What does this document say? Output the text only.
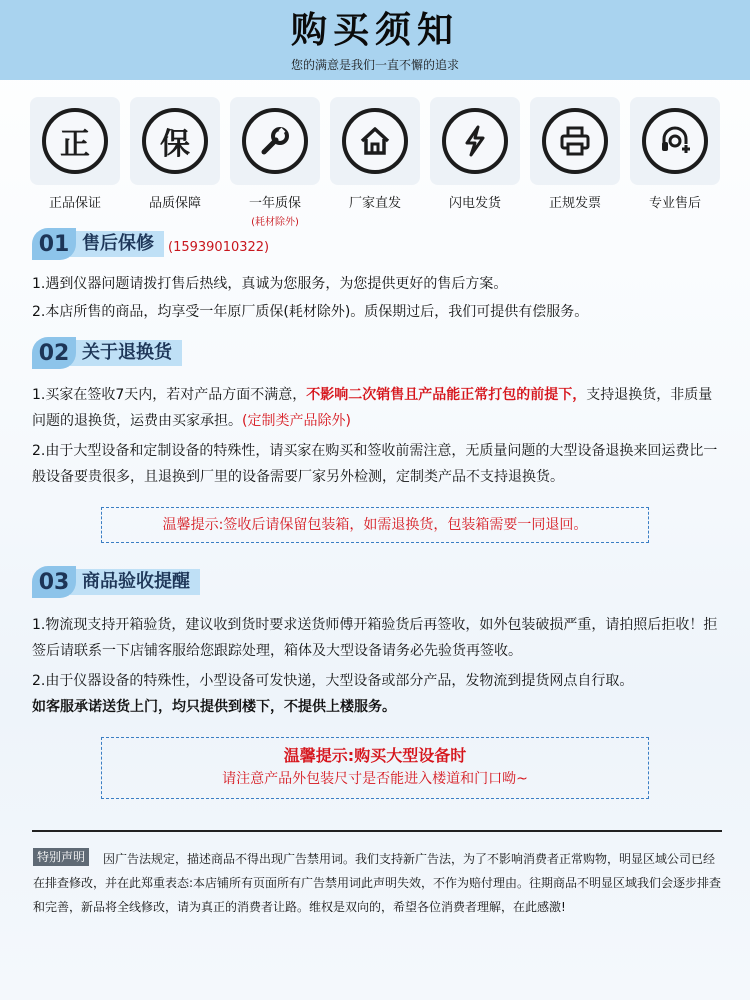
购买须知
您的满意是我们一直不懈的追求
正
正品保证
保
品质保障	一年质保
(耗材除外)
厂家直发	闪电发货	正规发票	专业售后
01 售后保修	(15939010322)
1.遇到仪器问题请拨打售后热线，真诚为您服务，为您提供更好的售后方案。
2.本店所售的商品，均享受一年原厂质保(耗材除外)。质保期过后，我们可提供有偿服务。
02 关于退换货
1.买家在签收7天内，若对产品方面不满意，不影响二次销售且产品能正常打包的前提下，支持退换货，非质量问题的退换货，运费由买家承担。(定制类产品除外)
2.由于大型设备和定制设备的特殊性，请买家在购买和签收前需注意，无质量问题的大型设备退换来回运费比一般设备要贵很多，且退换到厂里的设备需要厂家另外检测，定制类产品不支持退换货。
温馨提示:签收后请保留包装箱，如需退换货，包装箱需要一同退回。
03 商品验收提醒
1.物流现支持开箱验货，建议收到货时要求送货师傅开箱验货后再签收，如外包装破损严重，请拍照后拒收！拒签后请联系一下店铺客服给您跟踪处理，箱体及大型设备请务必先验货再签收。
2.由于仪器设备的特殊性，小型设备可发快递，大型设备或部分产品，发物流到提货网点自行取。
如客服承诺送货上门，均只提供到楼下，不提供上楼服务。
温馨提示:购买大型设备时
请注意产品外包装尺寸是否能进入楼道和门口呦~
因广告法规定，描述商品不得出现广告禁用词。我们支持新广告法，为了不影响消费者正常购物，明显区域公司已经在排查修改，并在此郑重表态:本店铺所有页面所有广告禁用词此声明失效，不作为赔付理由。往期商品不明显区域我们会逐步排查和完善，新品将全线修改，请为真正的消费者让路。维权是双向的，希望各位消费者理解，在此感激!
特别声明
